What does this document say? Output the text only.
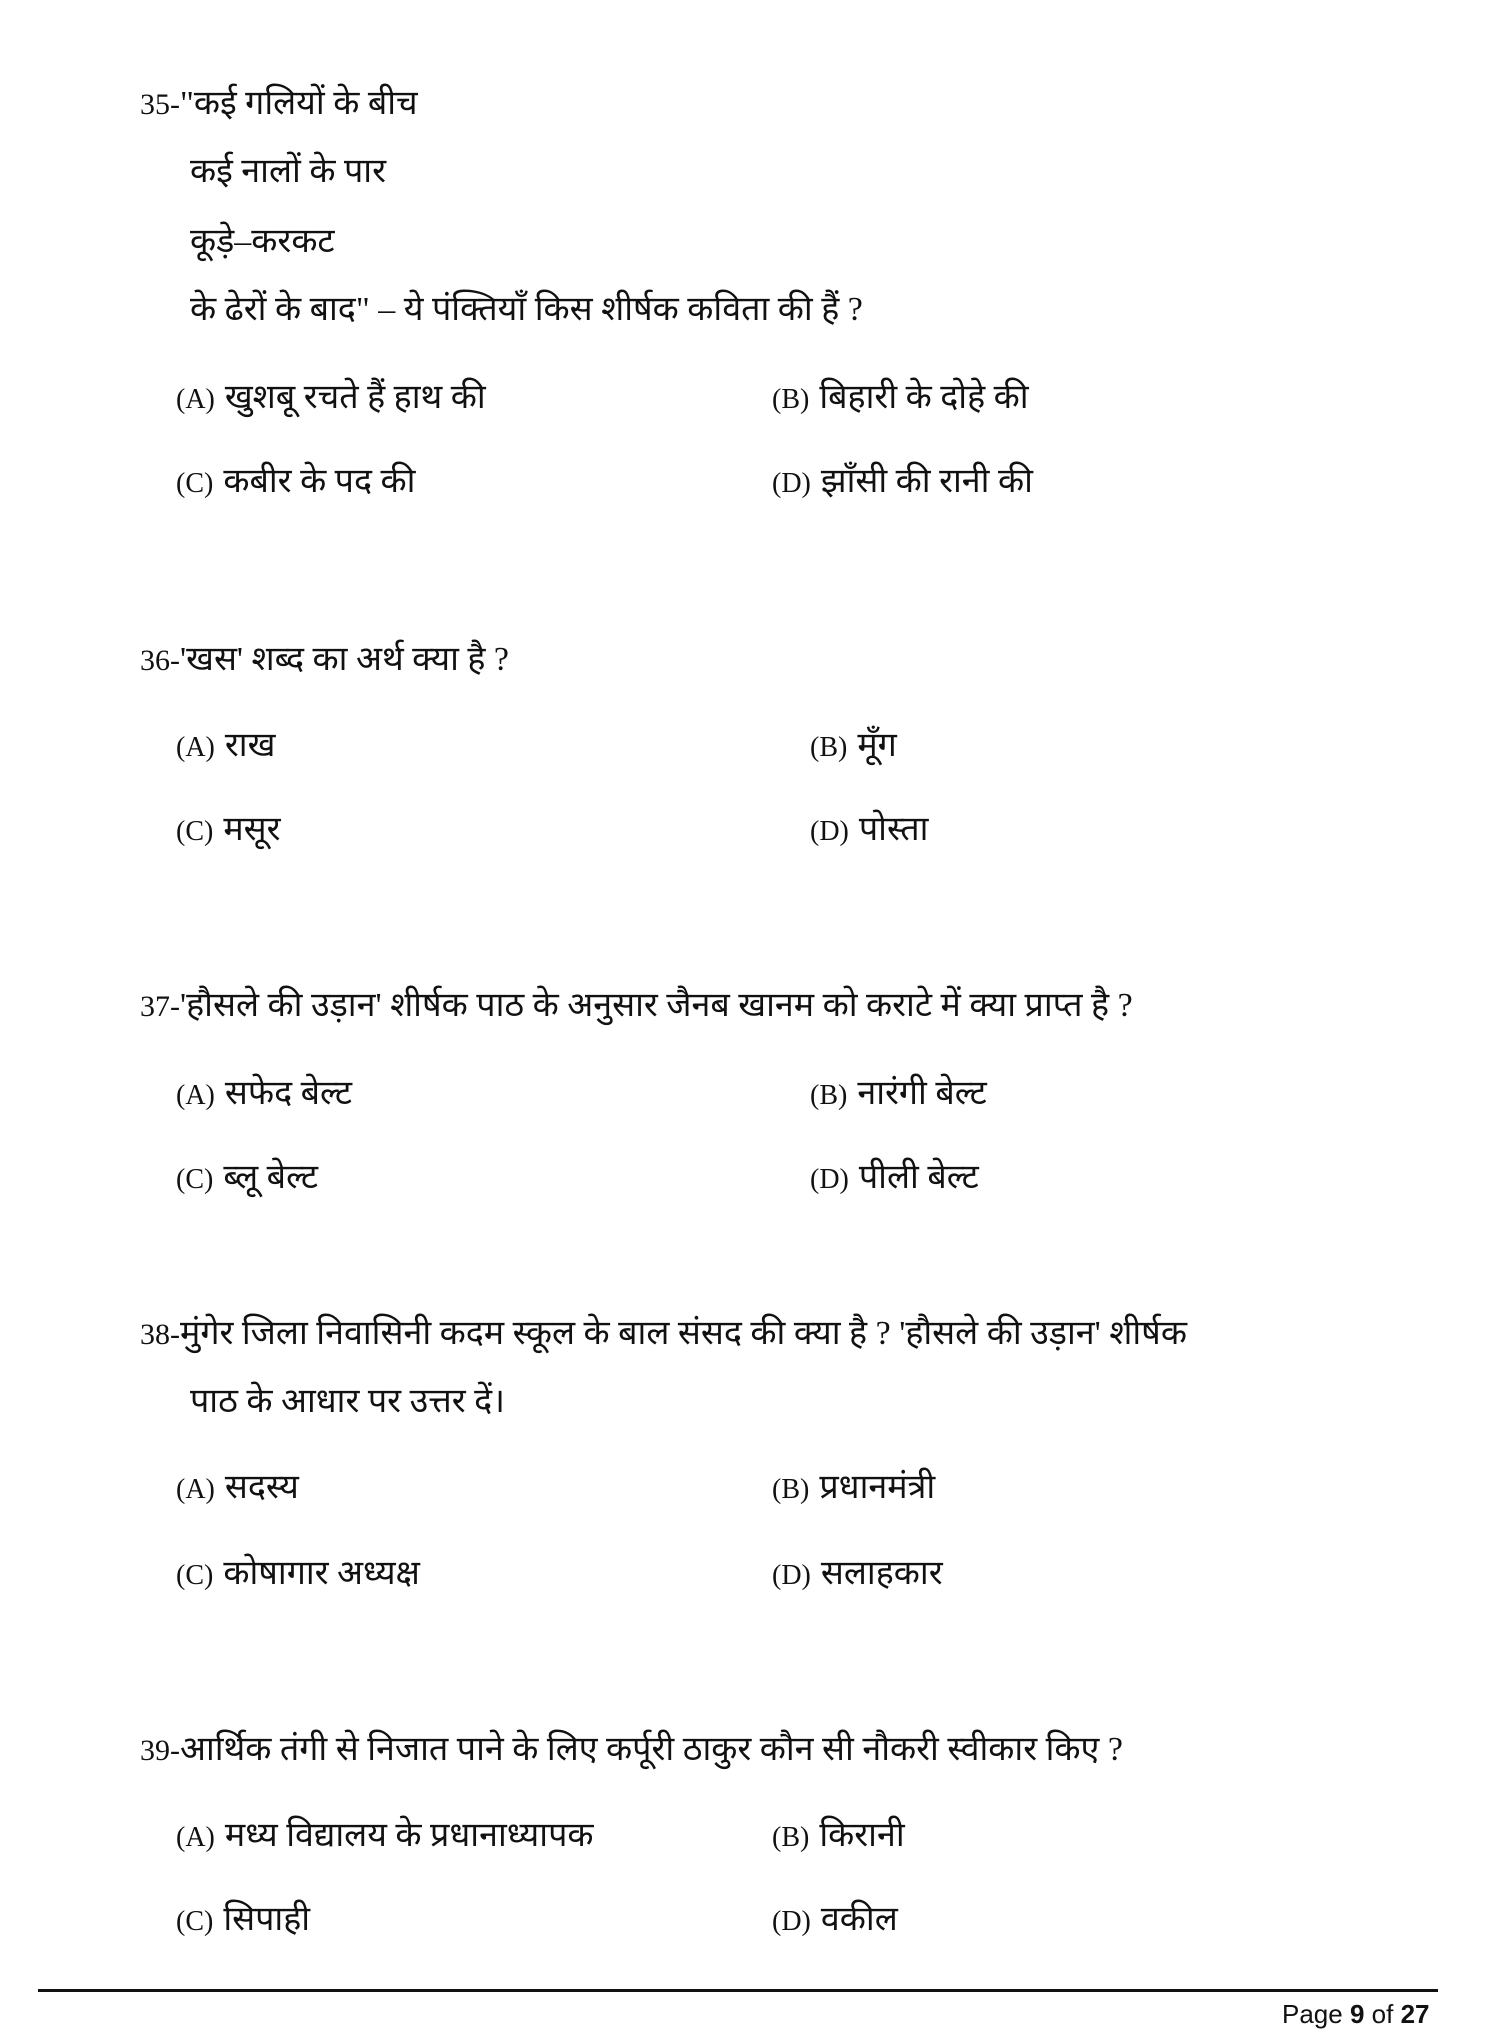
35-"कई गलियों के बीच
कई नालों के पार
कूड़े–करकट
के ढेरों के बाद" – ये पंक्तियाँ किस शीर्षक कविता की हैं ?
(A) खुशबू रचते हैं हाथ की	(B) बिहारी के दोहे की
(C) कबीर के पद की	(D) झाँसी की रानी की
36-'खस' शब्द का अर्थ क्या है ?
(A) राख	(B) मूँग
(C) मसूर	(D) पोस्ता
37-'हौसले की उड़ान' शीर्षक पाठ के अनुसार जैनब खानम को कराटे में क्या प्राप्त है ?
(A) सफेद बेल्ट	(B) नारंगी बेल्ट
(C) ब्लू बेल्ट	(D) पीली बेल्ट
38-मुंगेर जिला निवासिनी कदम स्कूल के बाल संसद की क्या है ? 'हौसले की उड़ान' शीर्षक
पाठ के आधार पर उत्तर दें।
(A) सदस्य	(B) प्रधानमंत्री
(C) कोषागार अध्यक्ष	(D) सलाहकार
39-आर्थिक तंगी से निजात पाने के लिए कर्पूरी ठाकुर कौन सी नौकरी स्वीकार किए ?
(A) मध्य विद्यालय के प्रधानाध्यापक	(B) किरानी
(C) सिपाही	(D) वकील
Page 9 of 27
